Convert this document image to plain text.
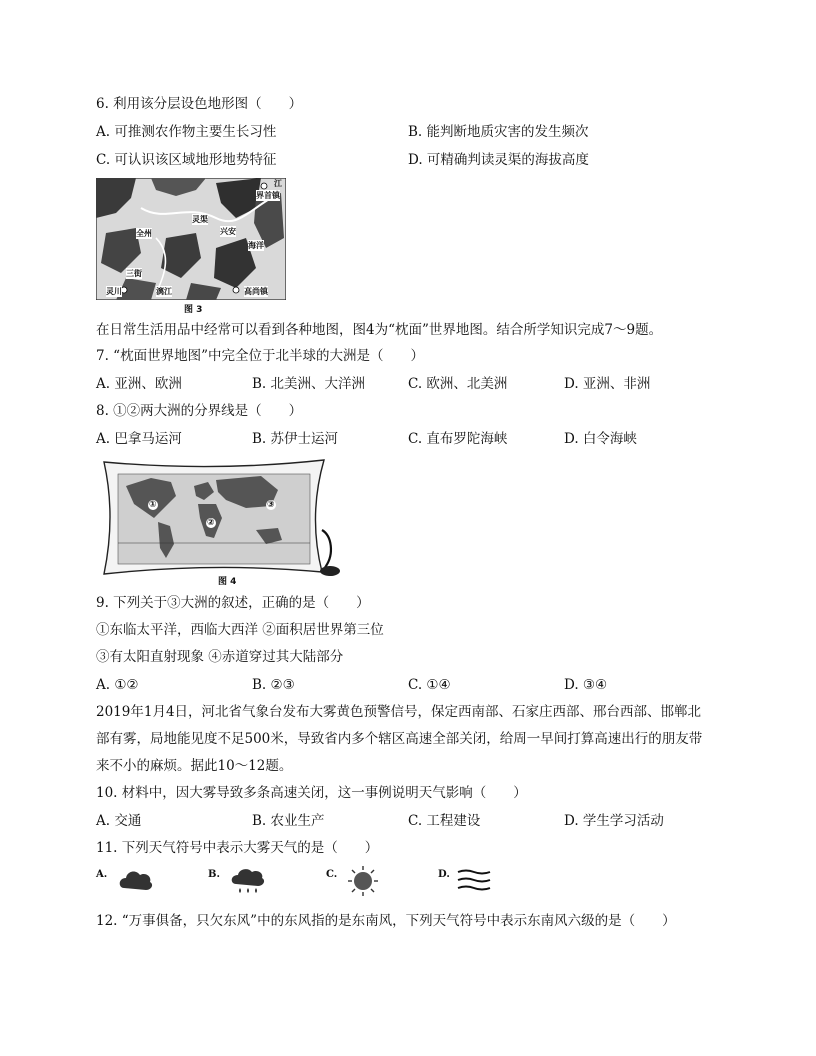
6. 利用该分层设色地形图（　　）
A. 可推测农作物主要生长习性	B. 能判断地质灾害的发生频次
C. 可认识该区域地形地势特征	D. 可精确判读灵渠的海拔高度
江
界首镇
全州	兴安
高尚镇
灵川
三街
海洋
灵渠
漓江
图 3
在日常生活用品中经常可以看到各种地图，图4为“枕面”世界地图。结合所学知识完成7～9题。
7. “枕面世界地图”中完全位于北半球的大洲是（　　）
A. 亚洲、欧洲	B. 北美洲、大洋洲	C. 欧洲、北美洲	D. 亚洲、非洲
8. ①②两大洲的分界线是（　　）
A. 巴拿马运河	B. 苏伊士运河	C. 直布罗陀海峡	D. 白令海峡
①
②
③
图 4
9. 下列关于③大洲的叙述，正确的是（　　）
①东临太平洋，西临大西洋 ②面积居世界第三位
③有太阳直射现象 ④赤道穿过其大陆部分
A. ①②	B. ②③	C. ①④	D. ③④
2019年1月4日，河北省气象台发布大雾黄色预警信号，保定西南部、石家庄西部、邢台西部、邯郸北
部有雾，局地能见度不足500米，导致省内多个辖区高速全部关闭，给周一早间打算高速出行的朋友带
来不小的麻烦。据此10～12题。
10. 材料中，因大雾导致多条高速关闭，这一事例说明天气影响（　　）
A. 交通	B. 农业生产	C. 工程建设	D. 学生学习活动
11. 下列天气符号中表示大雾天气的是（　　）
A.	B.	C.	D.
12. “万事俱备，只欠东风”中的东风指的是东南风，下列天气符号中表示东南风六级的是（　　）
